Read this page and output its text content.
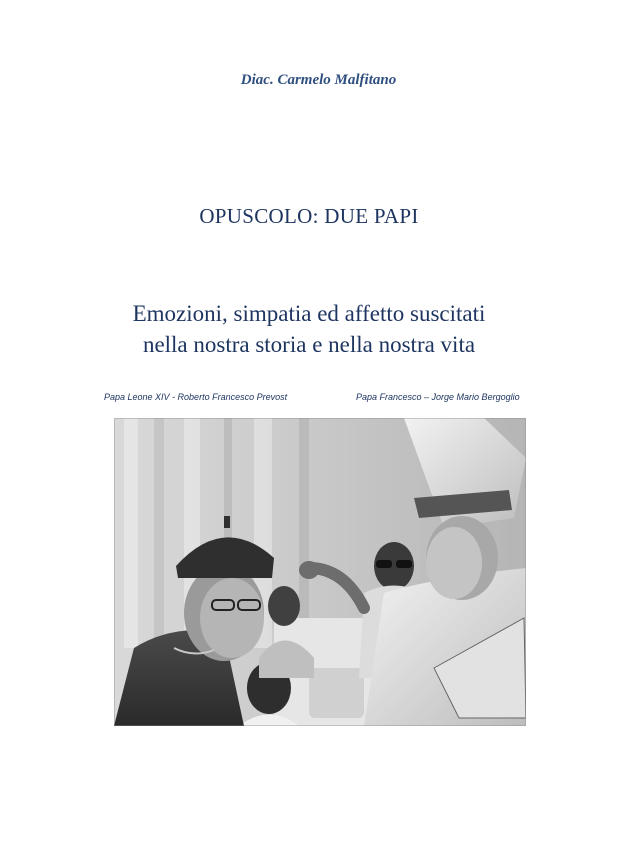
Diac. Carmelo Malfitano
OPUSCOLO: DUE PAPI
Emozioni, simpatia ed affetto suscitati
nella nostra storia e nella nostra vita
Papa Leone XIV - Roberto Francesco Prevost	Papa Francesco – Jorge Mario Bergoglio
